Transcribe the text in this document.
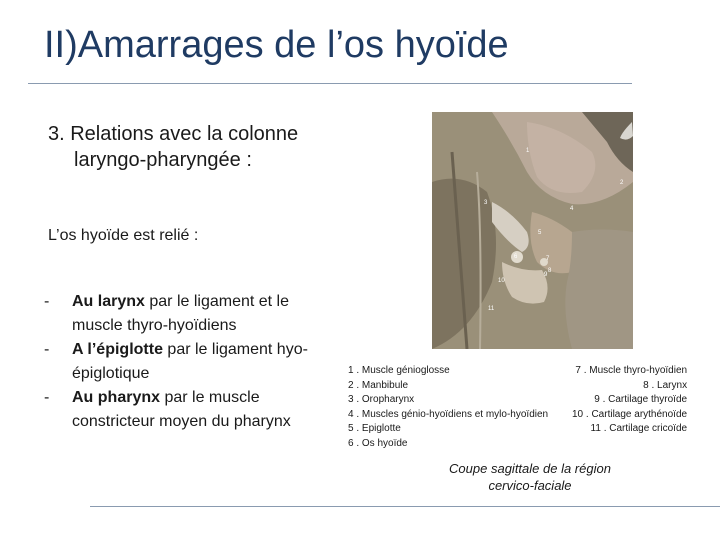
II)Amarrages de l’os hyoïde
3. Relations avec la colonne
laryngo-pharyngée :
L’os hyoïde est relié :
- Au larynx par le ligament et le
muscle thyro-hyoïdiens
- A l’épiglotte par le ligament hyo-
épiglotique
- Au pharynx par le muscle
constricteur moyen du pharynx
1
2
3
4
5
6	7
8
9
10
11
1 . Muscle génioglosse
2 . Manbibule
3 . Oropharynx
4 . Muscles génio-hyoïdiens et mylo-hyoïdien
5 . Epiglotte
6 . Os hyoïde
7 . Muscle thyro-hyoïdien
8 . Larynx
9 . Cartilage thyroïde
10 . Cartilage arythénoïde
11 . Cartilage cricoïde
Coupe sagittale de la région
cervico-faciale
